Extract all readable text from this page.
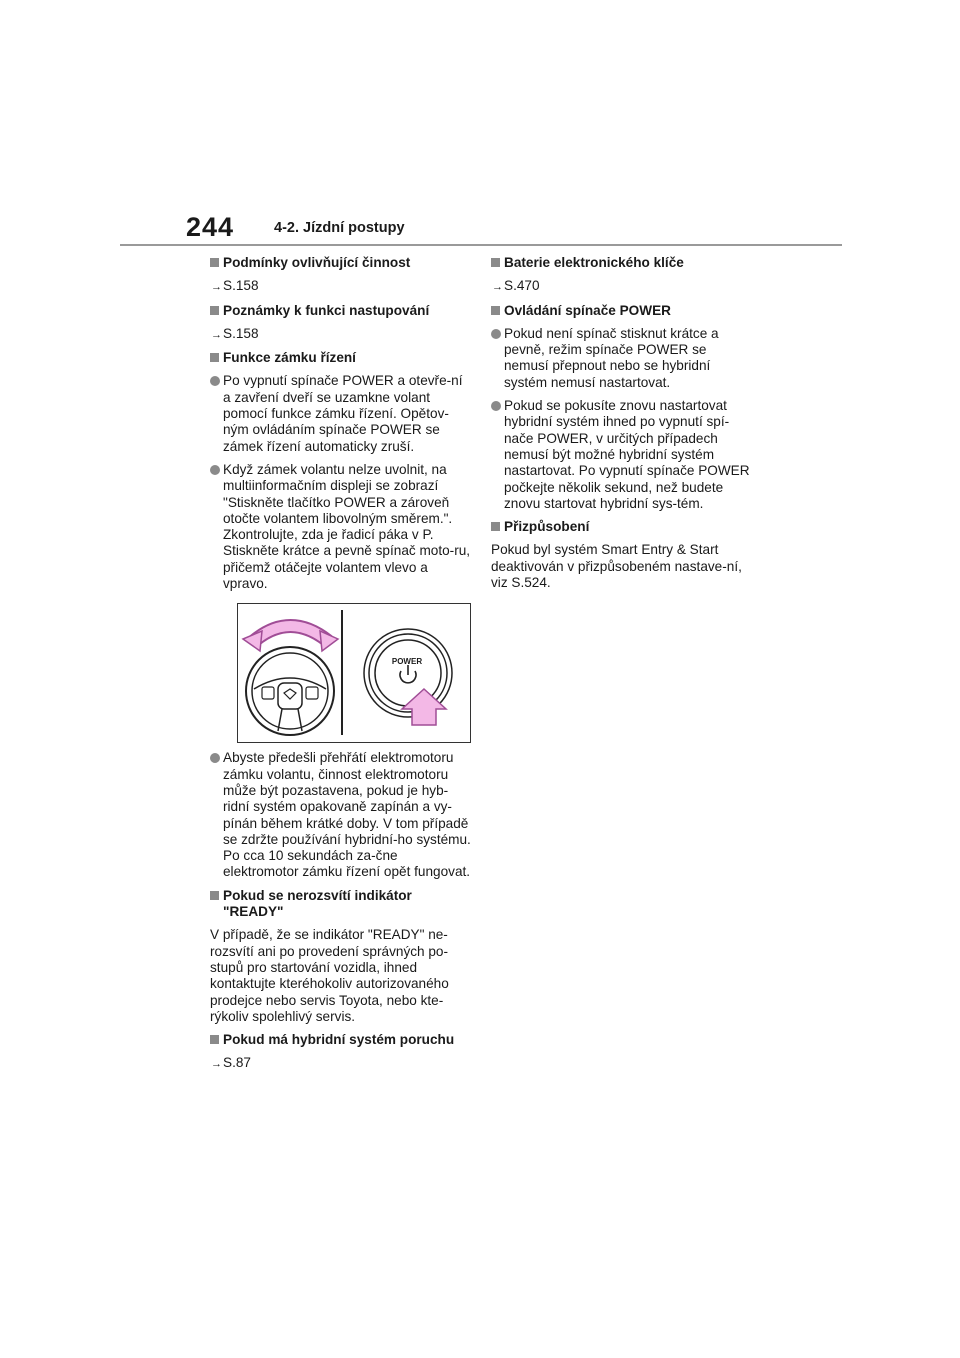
244	4-2. Jízdní postupy
Podmínky ovlivňující činnost
→S.158
Poznámky k funkci nastupování
→S.158
Funkce zámku řízení
Po vypnutí spínače POWER a otevře-ní a zavření dveří se uzamkne volant pomocí funkce zámku řízení. Opětov-ným ovládáním spínače POWER se zámek řízení automaticky zruší.
Když zámek volantu nelze uvolnit, na multiinformačním displeji se zobrazí "Stiskněte tlačítko POWER a zároveň otočte volantem libovolným směrem.". Zkontrolujte, zda je řadicí páka v P. Stiskněte krátce a pevně spínač moto-ru, přičemž otáčejte volantem vlevo a vpravo.
POWER
Abyste předešli přehřátí elektromotoru zámku volantu, činnost elektromotoru může být pozastavena, pokud je hyb-ridní systém opakovaně zapínán a vy-pínán během krátké doby. V tom případě se zdržte používání hybridní-ho systému. Po cca 10 sekundách za-čne elektromotor zámku řízení opět fungovat.
Pokud se nerozsvítí indikátor "READY"
V případě, že se indikátor "READY" ne-rozsvítí ani po provedení správných po-stupů pro startování vozidla, ihned kontaktujte kteréhokoliv autorizovaného prodejce nebo servis Toyota, nebo kte-rýkoliv spolehlivý servis.
Pokud má hybridní systém poruchu
→S.87
Baterie elektronického klíče
→S.470
Ovládání spínače POWER
Pokud není spínač stisknut krátce a pevně, režim spínače POWER se nemusí přepnout nebo se hybridní systém nemusí nastartovat.
Pokud se pokusíte znovu nastartovat hybridní systém ihned po vypnutí spí-nače POWER, v určitých případech nemusí být možné hybridní systém nastartovat. Po vypnutí spínače POWER počkejte několik sekund, než budete znovu startovat hybridní sys-tém.
Přizpůsobení
Pokud byl systém Smart Entry & Start deaktivován v přizpůsobeném nastave-ní, viz S.524.
